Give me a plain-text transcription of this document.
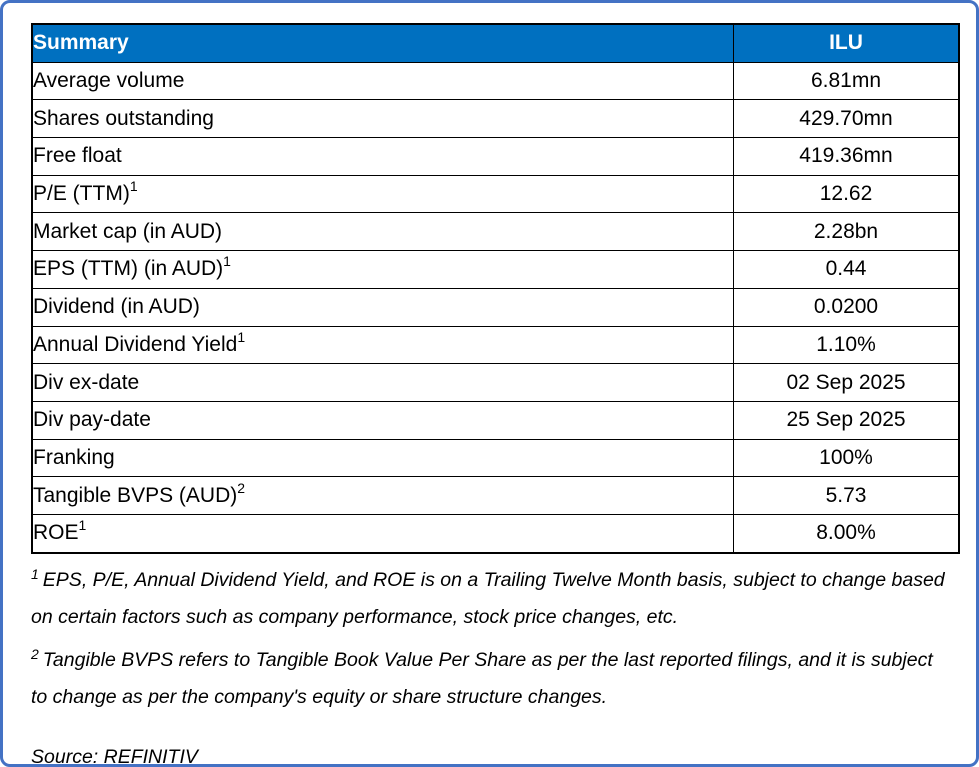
Summary	ILU
Average volume	6.81mn
Shares outstanding	429.70mn
Free float	419.36mn
P/E (TTM)$^1$	12.62
Market cap (in AUD)	2.28bn
EPS (TTM) (in AUD)$^1$	0.44
Dividend (in AUD)	0.0200
Annual Dividend Yield$^1$	1.10%
Div ex-date	02 Sep 2025
Div pay-date	25 Sep 2025
Franking	100%
Tangible BVPS (AUD)$^2$	5.73
ROE$^1$	8.00%

$^1$ EPS, P/E, Annual Dividend Yield, and ROE is on a Trailing Twelve Month basis, subject to change based on certain factors such as company performance, stock price changes, etc.

$^2$ Tangible BVPS refers to Tangible Book Value Per Share as per the last reported filings, and it is subject to change as per the company's equity or share structure changes.

Source: REFINITIV
